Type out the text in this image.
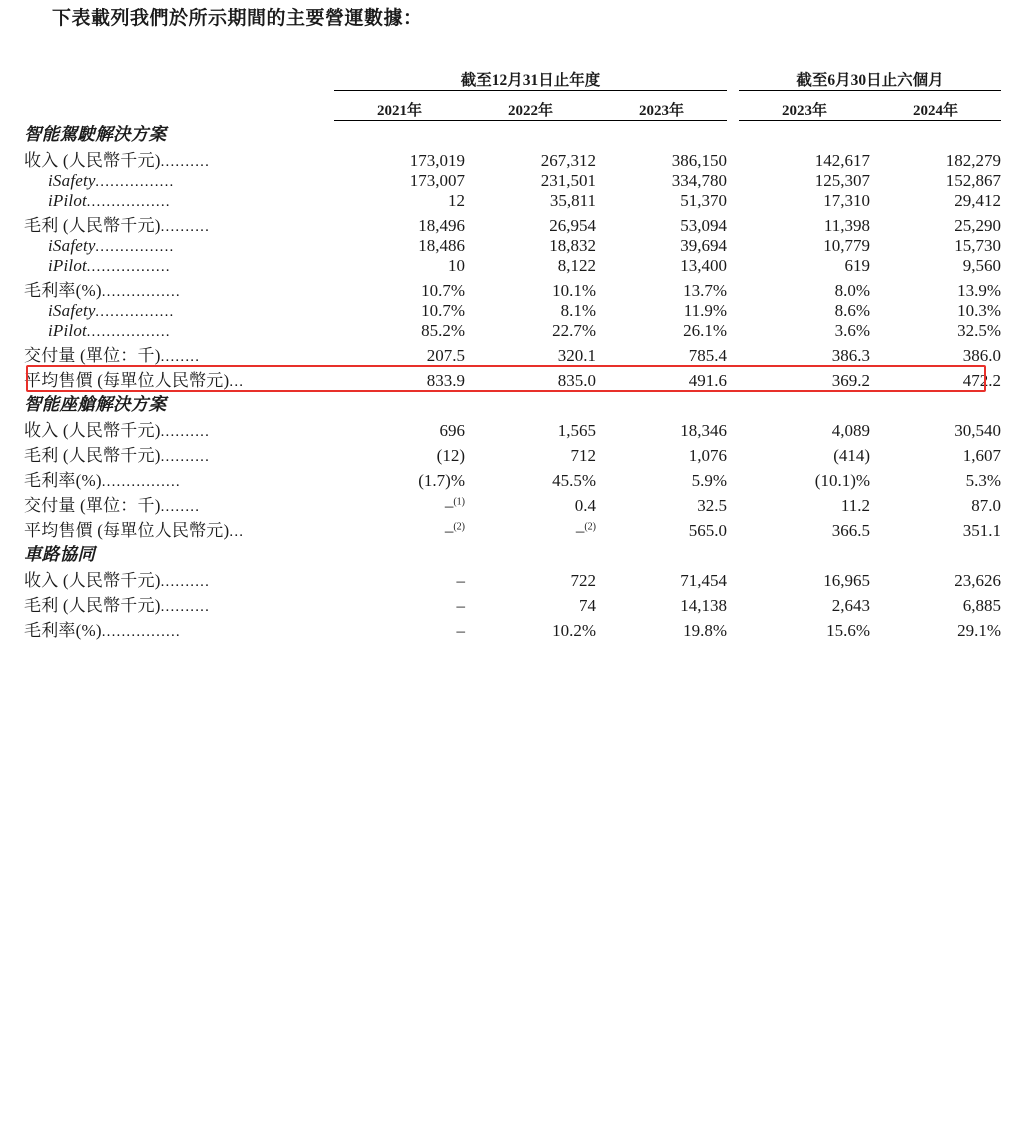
下表載列我們於所示期間的主要營運數據：
	截至12月31日止年度				截至6月30日止六個月	

	2021年	2022年	2023年		2023年	2024年
智能駕駛解決方案						
收入 (人民幣千元)..........	173,019	267,312	386,150		142,617	182,279
iSafety................	173,007	231,501	334,780		125,307	152,867
iPilot.................	12	35,811	51,370		17,310	29,412
毛利 (人民幣千元)..........	18,496	26,954	53,094		11,398	25,290
iSafety................	18,486	18,832	39,694		10,779	15,730
iPilot.................	10	8,122	13,400		619	9,560
毛利率(%)................	10.7%	10.1%	13.7%		8.0%	13.9%
iSafety................	10.7%	8.1%	11.9%		8.6%	10.3%
iPilot.................	85.2%	22.7%	26.1%		3.6%	32.5%
交付量 (單位：千)........	207.5	320.1	785.4		386.3	386.0
平均售價 (每單位人民幣元)...	833.9	835.0	491.6		369.2	472.2
智能座艙解決方案						
收入 (人民幣千元)..........	696	1,565	18,346		4,089	30,540
毛利 (人民幣千元)..........	(12)	712	1,076		(414)	1,607
毛利率(%)................	(1.7)%	45.5%	5.9%		(10.1)%	5.3%
交付量 (單位：千)........	–$^{(1)}$	0.4	32.5		11.2	87.0
平均售價 (每單位人民幣元)...	–$^{(2)}$	–$^{(2)}$	565.0		366.5	351.1
車路協同						
收入 (人民幣千元)..........	–	722	71,454		16,965	23,626
毛利 (人民幣千元)..........	–	74	14,138		2,643	6,885
毛利率(%)................	–	10.2%	19.8%		15.6%	29.1%
